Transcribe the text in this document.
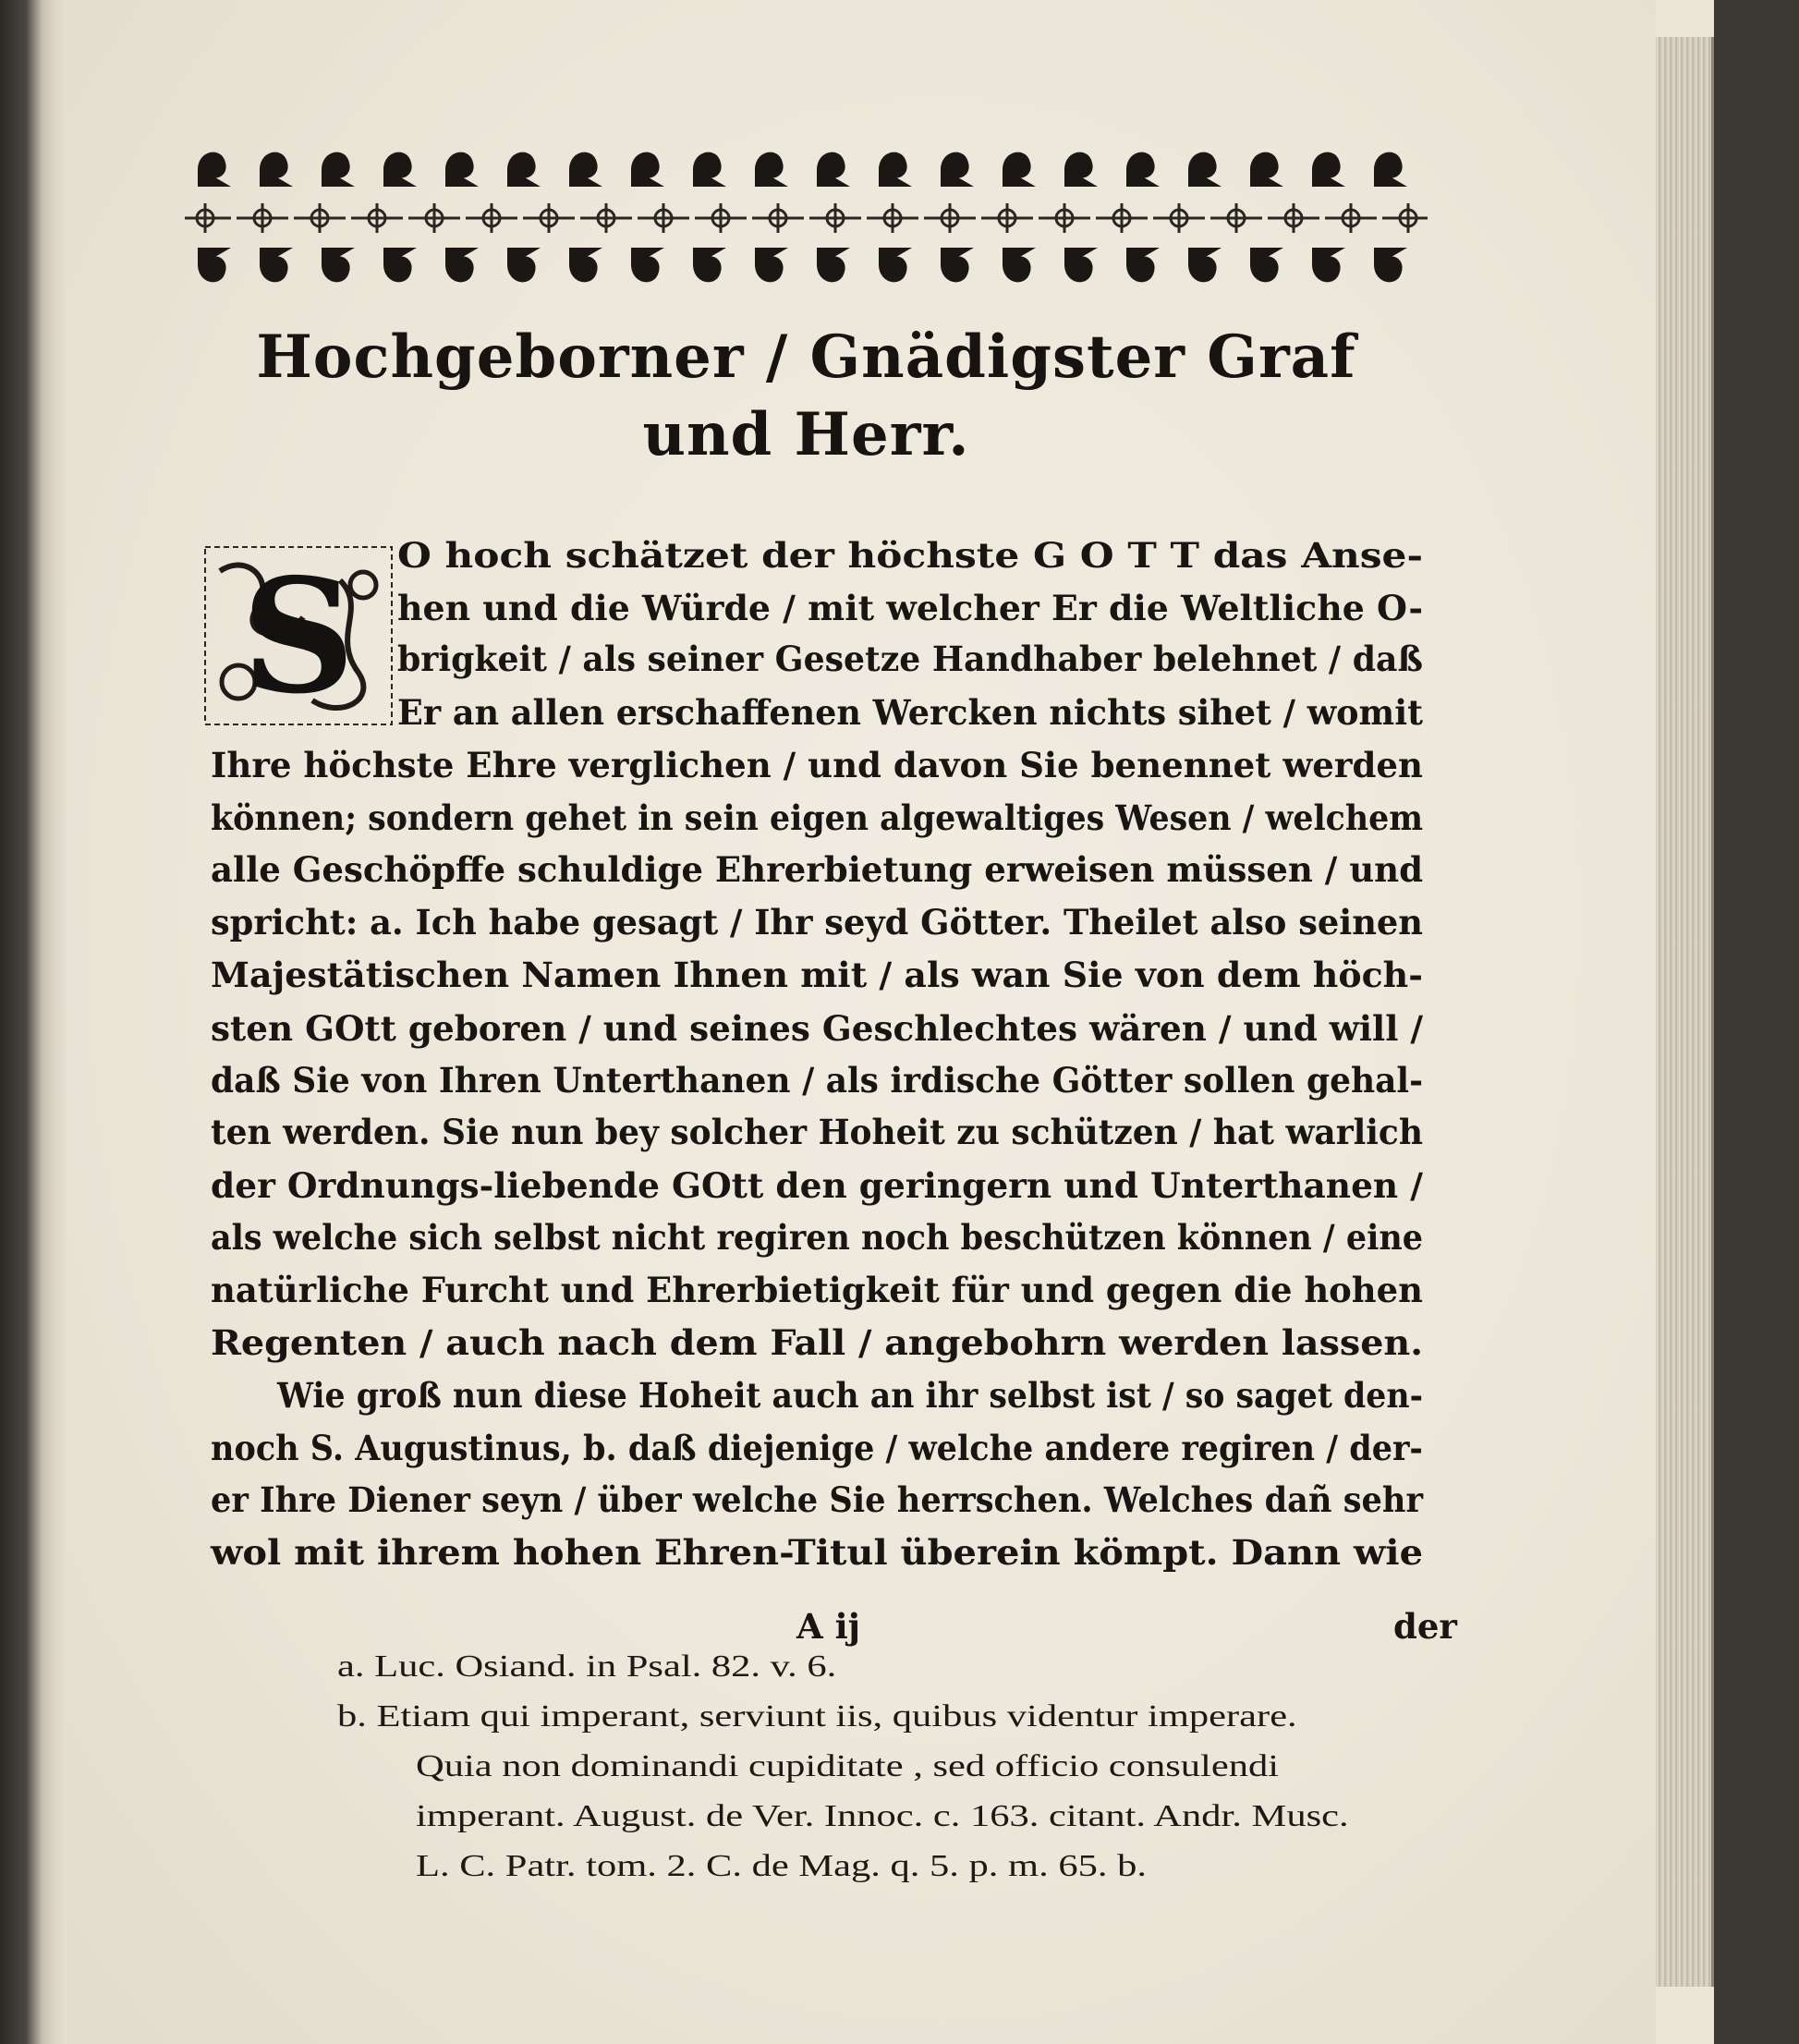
Hochgeborner / Gnädigster Graf und Herr.
S O hoch schätzet der höchste G O T T das Anse-
hen und die Würde / mit welcher Er die Weltliche O-
brigkeit / als seiner Gesetze Handhaber belehnet / daß
Er an allen erschaffenen Wercken nichts sihet / womit
Ihre höchste Ehre verglichen / und davon Sie benennet werden
können; sondern gehet in sein eigen algewaltiges Wesen / welchem
alle Geschöpffe schuldige Ehrerbietung erweisen müssen / und
spricht: a. Ich habe gesagt / Ihr seyd Götter. Theilet also seinen
Majestätischen Namen Ihnen mit / als wan Sie von dem höch-
sten GOtt geboren / und seines Geschlechtes wären / und will /
daß Sie von Ihren Unterthanen / als irdische Götter sollen gehal-
ten werden. Sie nun bey solcher Hoheit zu schützen / hat warlich
der Ordnungs-liebende GOtt den geringern und Unterthanen /
als welche sich selbst nicht regiren noch beschützen können / eine
natürliche Furcht und Ehrerbietigkeit für und gegen die hohen
Regenten / auch nach dem Fall / angebohrn werden lassen.
Wie groß nun diese Hoheit auch an ihr selbst ist / so saget den-
noch S. Augustinus, b. daß diejenige / welche andere regiren / der-
er Ihre Diener seyn / über welche Sie herrschen. Welches dañ sehr
wol mit ihrem hohen Ehren-Titul überein kömpt. Dann wie
A ij	der
a. Luc. Osiand. in Psal. 82. v. 6.
b. Etiam qui imperant, serviunt iis, quibus videntur imperare.
Quia non dominandi cupiditate , sed officio consulendi
imperant. August. de Ver. Innoc. c. 163. citant. Andr. Musc.
L. C. Patr. tom. 2. C. de Mag. q. 5. p. m. 65. b.
